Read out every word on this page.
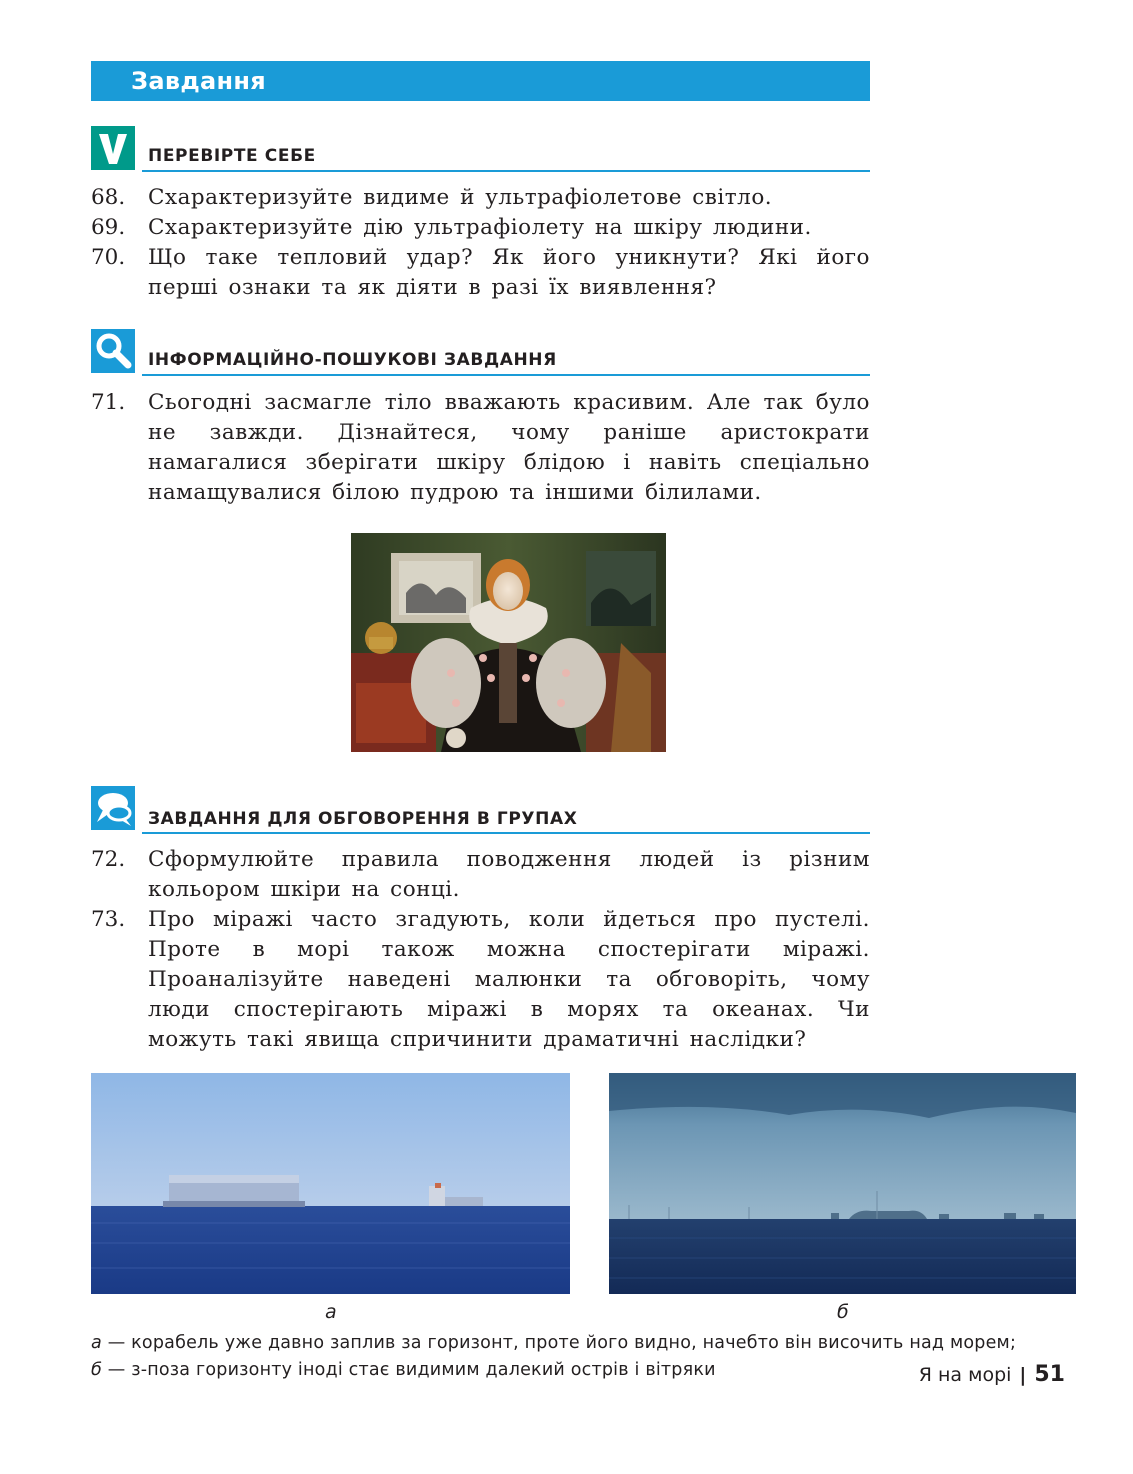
Завдання
ПЕРЕВІРТЕ СЕБЕ
68.	Схарактеризуйте видиме й ультрафіолетове світло.
69.	Схарактеризуйте дію ультрафіолету на шкіру людини.
70.	Що таке тепловий удар? Як його уникнути? Які його перші ознаки та як діяти в разі їх виявлення?
ІНФОРМАЦІЙНО-ПОШУКОВІ ЗАВДАННЯ
71.	Сьогодні засмагле тіло вважають красивим. Але так було не завжди. Дізнайтеся, чому раніше аристократи намагалися зберігати шкіру блідою і навіть спеціально намащувалися білою пудрою та іншими білилами.
ЗАВДАННЯ ДЛЯ ОБГОВОРЕННЯ В ГРУПАХ
72.	Сформулюйте правила поводження людей із різним кольором шкіри на сонці.
73.	Про міражі часто згадують, коли йдеться про пустелі. Проте в морі також можна спостерігати міражі. Проаналізуйте наведені малюнки та обговоріть, чому люди спостерігають міражі в морях та океанах. Чи можуть такі явища спричинити драматичні наслідки?
а	б
а — корабель уже давно заплив за горизонт, проте його видно, начебто він височить над морем; б — з-поза горизонту іноді стає видимим далекий острів і вітряки	Я на морі | 51
